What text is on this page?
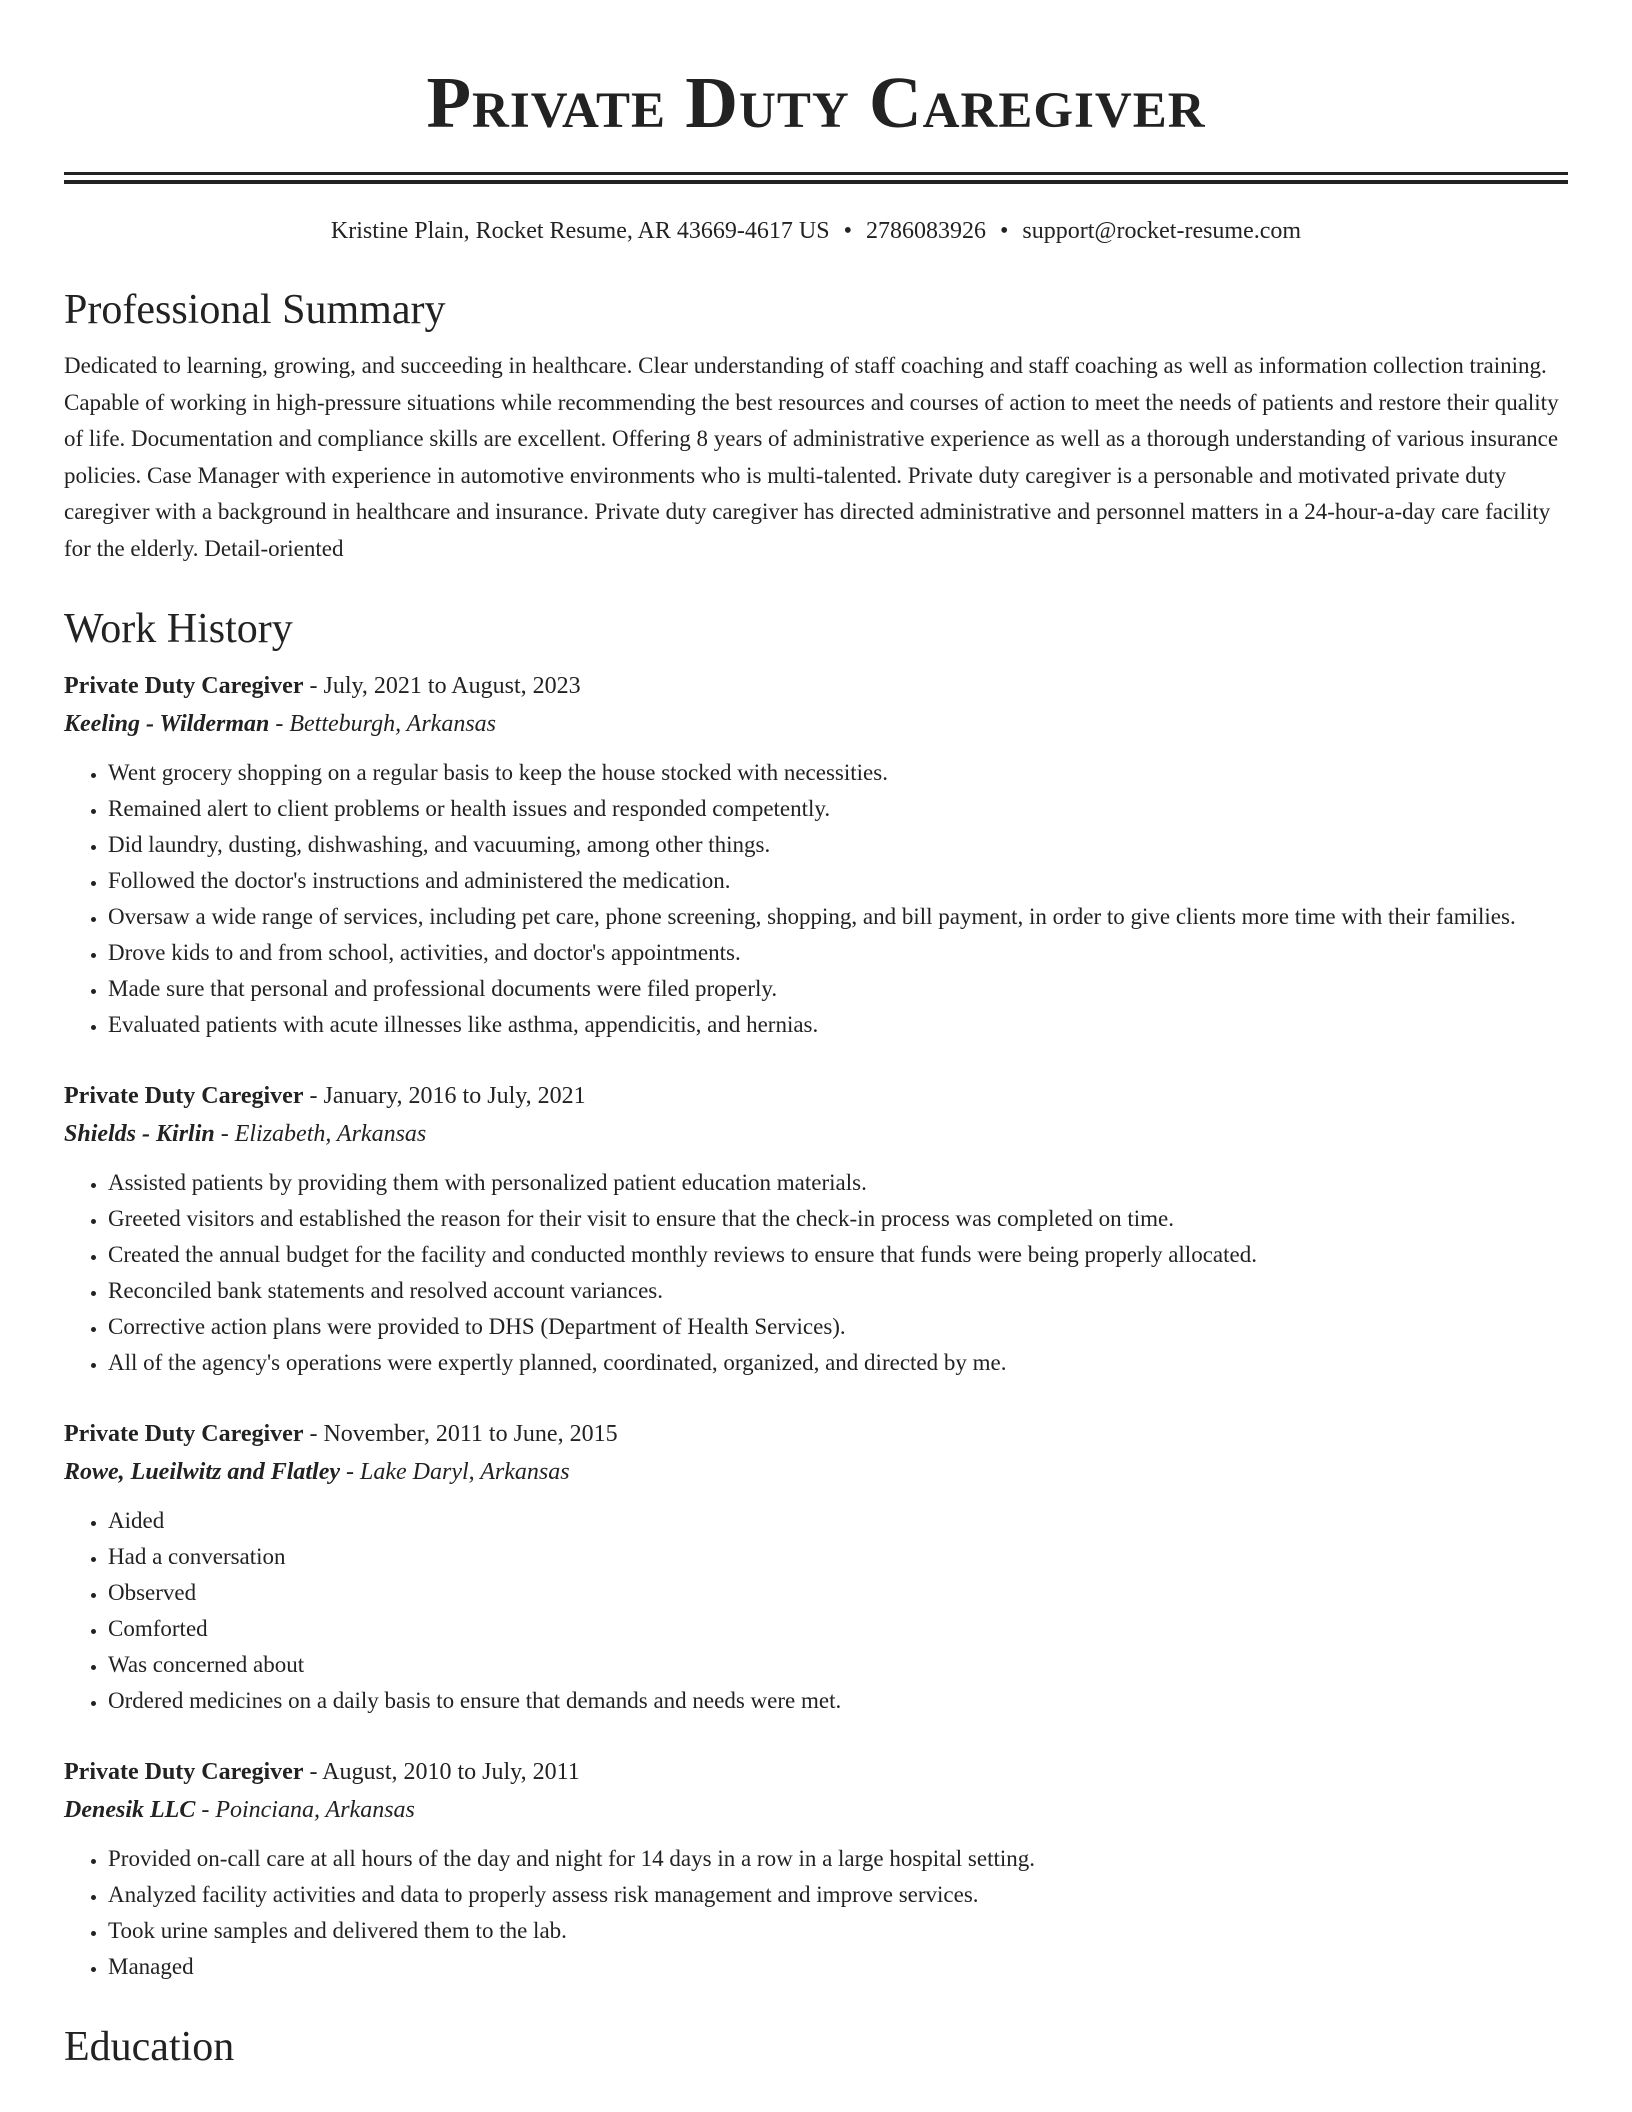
Private Duty Caregiver
Kristine Plain, Rocket Resume, AR 43669-4617 US • 2786083926 • support@rocket-resume.com
Professional Summary

Dedicated to learning, growing, and succeeding in healthcare. Clear understanding of staff coaching and staff coaching as well as information collection training. Capable of working in high-pressure situations while recommending the best resources and courses of action to meet the needs of patients and restore their quality of life. Documentation and compliance skills are excellent. Offering 8 years of administrative experience as well as a thorough understanding of various insurance policies. Case Manager with experience in automotive environments who is multi-talented. Private duty caregiver is a personable and motivated private duty caregiver with a background in healthcare and insurance. Private duty caregiver has directed administrative and personnel matters in a 24-hour-a-day care facility for the elderly. Detail-oriented

Work History
Private Duty Caregiver - July, 2021 to August, 2023
Keeling - Wilderman - Betteburgh, Arkansas
• Went grocery shopping on a regular basis to keep the house stocked with necessities.
• Remained alert to client problems or health issues and responded competently.
• Did laundry, dusting, dishwashing, and vacuuming, among other things.
• Followed the doctor's instructions and administered the medication.
• Oversaw a wide range of services, including pet care, phone screening, shopping, and bill payment, in order to give clients more time with their families.
• Drove kids to and from school, activities, and doctor's appointments.
• Made sure that personal and professional documents were filed properly.
• Evaluated patients with acute illnesses like asthma, appendicitis, and hernias.
Private Duty Caregiver - January, 2016 to July, 2021
Shields - Kirlin - Elizabeth, Arkansas
• Assisted patients by providing them with personalized patient education materials.
• Greeted visitors and established the reason for their visit to ensure that the check-in process was completed on time.
• Created the annual budget for the facility and conducted monthly reviews to ensure that funds were being properly allocated.
• Reconciled bank statements and resolved account variances.
• Corrective action plans were provided to DHS (Department of Health Services).
• All of the agency's operations were expertly planned, coordinated, organized, and directed by me.
Private Duty Caregiver - November, 2011 to June, 2015
Rowe, Lueilwitz and Flatley - Lake Daryl, Arkansas
• Aided
• Had a conversation
• Observed
• Comforted
• Was concerned about
• Ordered medicines on a daily basis to ensure that demands and needs were met.
Private Duty Caregiver - August, 2010 to July, 2011
Denesik LLC - Poinciana, Arkansas
• Provided on-call care at all hours of the day and night for 14 days in a row in a large hospital setting.
• Analyzed facility activities and data to properly assess risk management and improve services.
• Took urine samples and delivered them to the lab.
• Managed
Education
